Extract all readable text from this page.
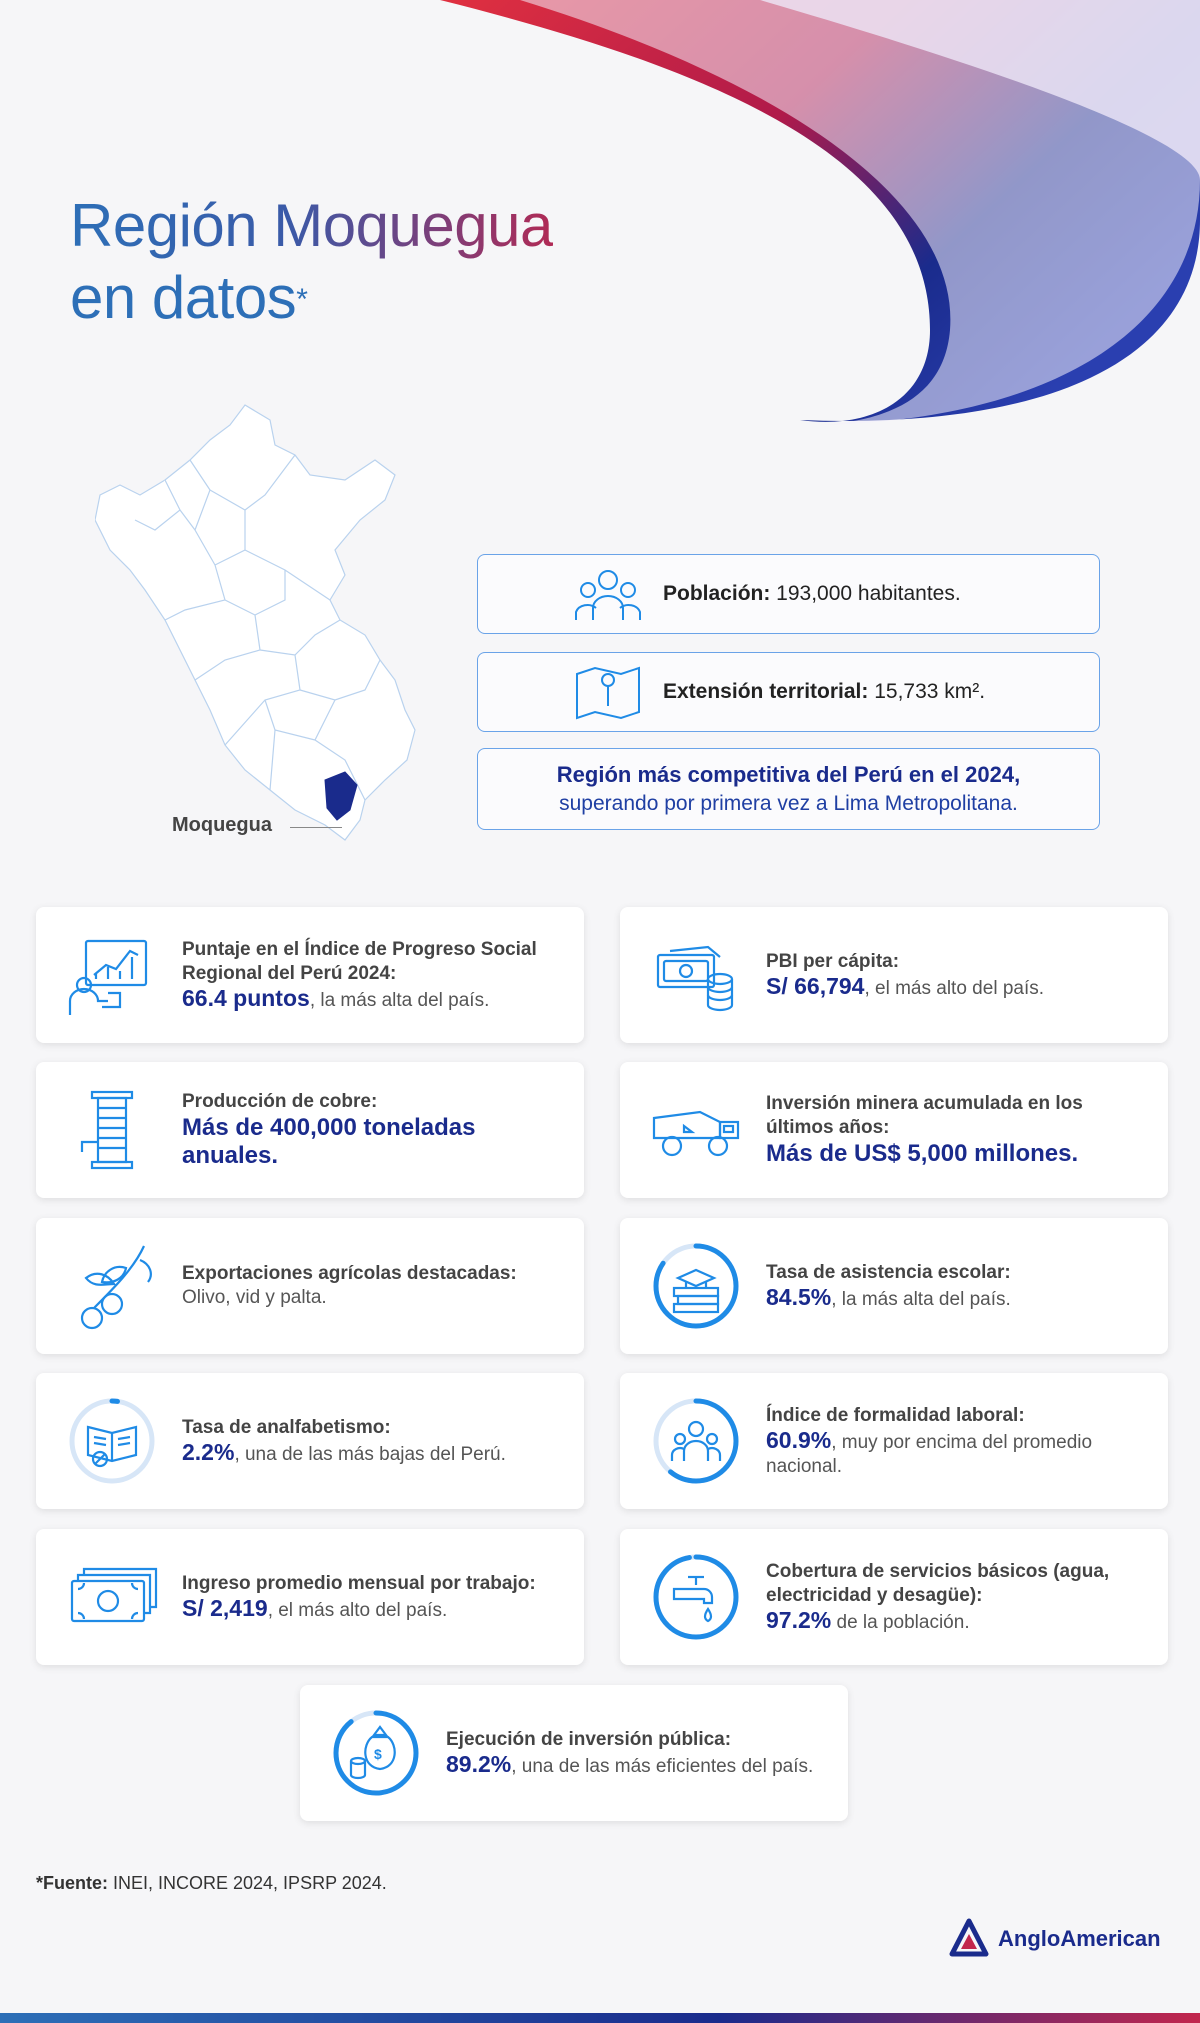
Región Moquegua
en datos*
Moquegua
Población: 193,000 habitantes.
Extensión territorial: 15,733 km².
Región más competitiva del Perú en el 2024,
superando por primera vez a Lima Metropolitana.
Puntaje en el Índice de Progreso Social Regional del Perú 2024:
66.4 puntos, la más alta del país.
PBI per cápita:
S/ 66,794, el más alto del país.
Producción de cobre:
Más de 400,000 toneladas anuales.
Inversión minera acumulada en los últimos años:
Más de US$ 5,000 millones.
Exportaciones agrícolas destacadas: Olivo, vid y palta.
Tasa de asistencia escolar:
84.5%, la más alta del país.
Tasa de analfabetismo:
2.2%, una de las más bajas del Perú.
Índice de formalidad laboral:
60.9%, muy por encima del promedio nacional.
Ingreso promedio mensual por trabajo:
S/ 2,419, el más alto del país.
Cobertura de servicios básicos (agua, electricidad y desagüe):
97.2% de la población.
$
Ejecución de inversión pública:
89.2%, una de las más eficientes del país.
*Fuente: INEI, INCORE 2024, IPSRP 2024.
AngloAmerican
